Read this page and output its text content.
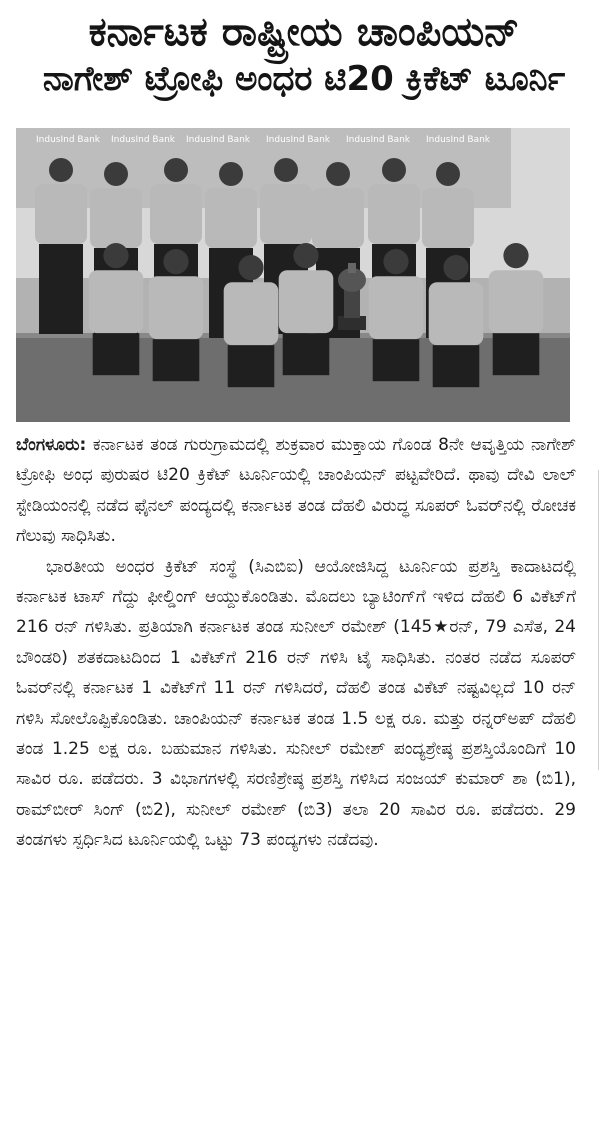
ಕರ್ನಾಟಕ ರಾಷ್ಟ್ರೀಯ ಚಾಂಪಿಯನ್
ನಾಗೇಶ್ ಟ್ರೋಫಿ ಅಂಧರ ಟಿ20 ಕ್ರಿಕೆಟ್ ಟೂರ್ನಿ
IndusInd Bank IndusInd Bank IndusInd Bank IndusInd Bank IndusInd Bank IndusInd Bank

ಬೆಂಗಳೂರು: ಕರ್ನಾಟಕ ತಂಡ ಗುರುಗ್ರಾಮದಲ್ಲಿ ಶುಕ್ರವಾರ ಮುಕ್ತಾಯ ಗೊಂಡ 8ನೇ ಆವೃತ್ತಿಯ ನಾಗೇಶ್ ಟ್ರೋಫಿ ಅಂಧ ಪುರುಷರ ಟಿ20 ಕ್ರಿಕೆಟ್ ಟೂರ್ನಿಯಲ್ಲಿ ಚಾಂಪಿಯನ್ ಪಟ್ಟವೇರಿದೆ. ಥಾವು ದೇವಿ ಲಾಲ್ ಸ್ಟೇಡಿಯಂನಲ್ಲಿ ನಡೆದ ಫೈನಲ್ ಪಂದ್ಯದಲ್ಲಿ ಕರ್ನಾಟಕ ತಂಡ ದೆಹಲಿ ವಿರುದ್ಧ ಸೂಪರ್ ಓವರ್‌ನಲ್ಲಿ ರೋಚಕ ಗೆಲುವು ಸಾಧಿಸಿತು.

ಭಾರತೀಯ ಅಂಧರ ಕ್ರಿಕೆಟ್ ಸಂಸ್ಥೆ (ಸಿಎಬಿಐ) ಆಯೋಜಿಸಿದ್ದ ಟೂರ್ನಿಯ ಪ್ರಶಸ್ತಿ ಕಾದಾಟದಲ್ಲಿ ಕರ್ನಾಟಕ ಟಾಸ್ ಗೆದ್ದು ಫೀಲ್ಡಿಂಗ್ ಆಯ್ದುಕೊಂಡಿತು. ಮೊದಲು ಬ್ಯಾಟಿಂಗ್‌ಗೆ ಇಳಿದ ದೆಹಲಿ 6 ವಿಕೆಟ್‌ಗೆ 216 ರನ್ ಗಳಿಸಿತು. ಪ್ರತಿಯಾಗಿ ಕರ್ನಾಟಕ ತಂಡ ಸುನೀಲ್ ರಮೇಶ್ (145★ರನ್, 79 ಎಸೆತ, 24 ಬೌಂಡರಿ) ಶತಕದಾಟದಿಂದ 1 ವಿಕೆಟ್‌ಗೆ 216 ರನ್ ಗಳಿಸಿ ಟೈ ಸಾಧಿಸಿತು. ನಂತರ ನಡೆದ ಸೂಪರ್ ಓವರ್‌ನಲ್ಲಿ ಕರ್ನಾಟಕ 1 ವಿಕೆಟ್‌ಗೆ 11 ರನ್ ಗಳಿಸಿದರೆ, ದೆಹಲಿ ತಂಡ ವಿಕೆಟ್ ನಷ್ಟವಿಲ್ಲದೆ 10 ರನ್ ಗಳಿಸಿ ಸೋಲೊಪ್ಪಿಕೊಂಡಿತು. ಚಾಂಪಿಯನ್ ಕರ್ನಾಟಕ ತಂಡ 1.5 ಲಕ್ಷ ರೂ. ಮತ್ತು ರನ್ನರ್‌ಅಪ್ ದೆಹಲಿ ತಂಡ 1.25 ಲಕ್ಷ ರೂ. ಬಹುಮಾನ ಗಳಿಸಿತು. ಸುನೀಲ್ ರಮೇಶ್ ಪಂದ್ಯಶ್ರೇಷ್ಠ ಪ್ರಶಸ್ತಿಯೊಂದಿಗೆ 10 ಸಾವಿರ ರೂ. ಪಡೆದರು. 3 ವಿಭಾಗಗಳಲ್ಲಿ ಸರಣಿಶ್ರೇಷ್ಠ ಪ್ರಶಸ್ತಿ ಗಳಿಸಿದ ಸಂಜಯ್ ಕುಮಾರ್ ಶಾ (ಬಿ1), ರಾಮ್‌ಬೀರ್ ಸಿಂಗ್ (ಬಿ2), ಸುನೀಲ್ ರಮೇಶ್ (ಬಿ3) ತಲಾ 20 ಸಾವಿರ ರೂ. ಪಡೆದರು. 29 ತಂಡಗಳು ಸ್ಪರ್ಧಿಸಿದ ಟೂರ್ನಿಯಲ್ಲಿ ಒಟ್ಟು 73 ಪಂದ್ಯಗಳು ನಡೆದವು.
